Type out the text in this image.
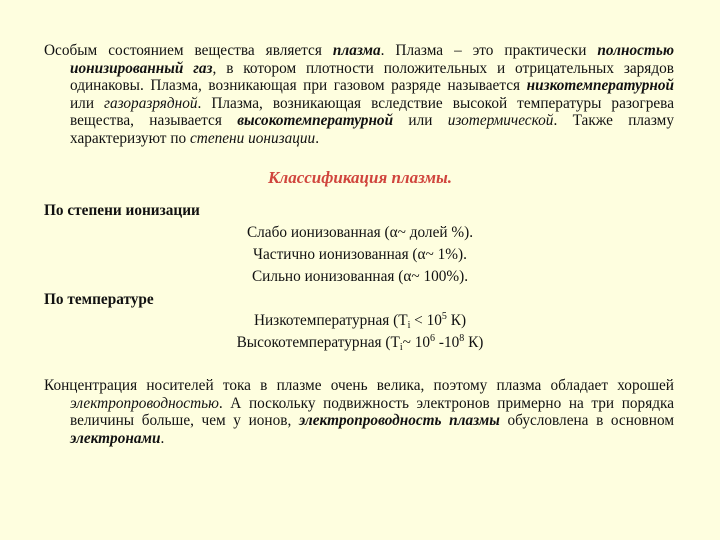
Особым состоянием вещества является плазма. Плазма – это практически полностью ионизированный газ, в котором плотности положительных и отрицательных зарядов одинаковы. Плазма, возникающая при газовом разряде называется низкотемпературной или газоразрядной. Плазма, возникающая вследствие высокой температуры разогрева вещества, называется высокотемпературной или изотермической. Также плазму характеризуют по степени ионизации.

Классификация плазмы.
По степени ионизации
Слабо ионизованная (α~ долей %).
Частично ионизованная (α~ 1%).
Сильно ионизованная (α~ 100%).
По температуре
Низкотемпературная ($T_i < 10^5$ К)
Высокотемпературная ($T_i\sim$ $10^6$ $-10^8$ К)

Концентрация носителей тока в плазме очень велика, поэтому плазма обладает хорошей электропроводностью. А поскольку подвижность электронов примерно на три порядка величины больше, чем у ионов, электропроводность плазмы обусловлена в основном электронами.
